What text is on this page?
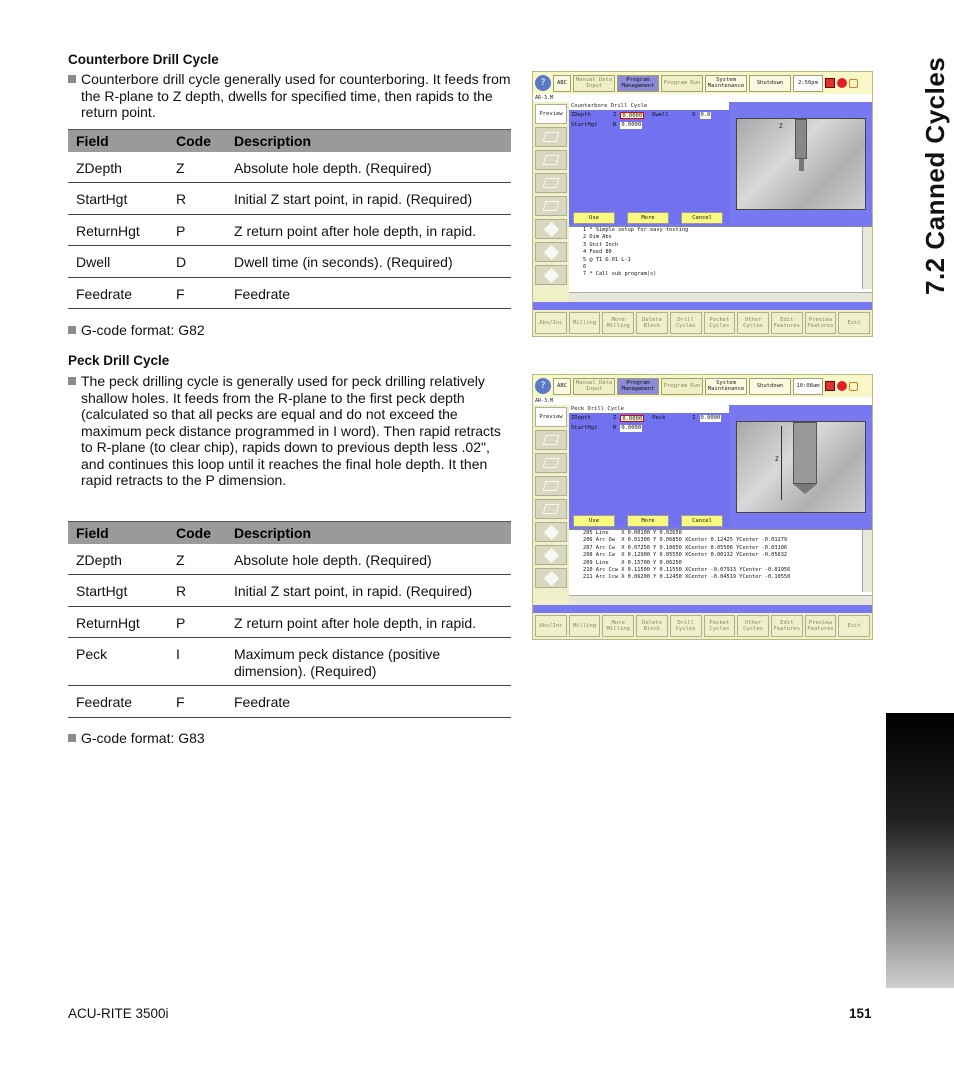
7.2 Canned Cycles
Counterbore Drill Cycle
Counterbore drill cycle generally used for counterboring. It feeds from the R-plane to Z depth, dwells for specified time, then rapids to the return point.
Field	Code	Description
ZDepth	Z	Absolute hole depth. (Required)
StartHgt	R	Initial Z start point, in rapid. (Required)
ReturnHgt	P	Z return point after hole depth, in rapid.
Dwell	D	Dwell time (in seconds). (Required)
Feedrate	F	Feedrate
G-code format: G82
Peck Drill Cycle
The peck drilling cycle is generally used for peck drilling relatively shallow holes. It feeds from the R-plane to the first peck depth (calculated so that all pecks are equal and do not exceed the maximum peck distance programmed in I word). Then rapid retracts to R-plane (to clear chip), rapids down to previous depth less .02", and continues this loop until it reaches the final hole depth. It then rapid retracts to the P dimension.
Field	Code	Description
ZDepth	Z	Absolute hole depth. (Required)
StartHgt	R	Initial Z start point, in rapid. (Required)
ReturnHgt	P	Z return point after hole depth, in rapid.
Peck	I	Maximum peck distance (positive dimension). (Required)
Feedrate	F	Feedrate
G-code format: G83
?	ABC	Manual Data Input
Program Management	Program Run	System Maintenance	Shutdown	2:56pm
AR-3.M
Preview
Counterbore Drill Cycle
ZDepth	Z	0.0000	Dwell	D 0.0
StartHgt	R 0.0000
Use	More	Cancel
Z
1 * Simple setup for easy testing
2 Dim Abs
3 Unit Inch
4 Feed 80
5 @ T1 D.01 L-1
6
7 * Call sub program(s)
Abs/Inc	Milling
More Milling
Delete Block
Drill Cycles
Pocket Cycles
Other Cycles
Edit Features
Preview Features
Exit
?	ABC	Manual Data Input
Program Management	Program Run	System Maintenance	Shutdown	10:08am
AR-3.M
Preview
Peck Drill Cycle
ZDepth	Z	0.0000	Peck	I 0.0000
StartHgt	R 0.0000
Use	More	Cancel
Z
205 Line    X 0.00100 Y 0.02650
206 Arc Ow  X 0.01300 Y 0.06850 XCenter 0.12425 YCenter -0.01279
207 Arc Cw  X 0.07250 Y 0.10050 XCenter 0.05506 YCenter -0.03106
208 Arc Cw  X 0.12900 Y 0.05550 XCenter 0.00132 YCenter -0.05632
209 Line    X 0.15700 Y 0.06250
210 Arc Ccw X 0.11500 Y 0.11550 XCenter -0.07913 YCenter -0.01956
211 Arc Ccw X 0.06200 Y 0.12450 XCenter -0.04519 YCenter -0.10550
Abs/Inc	Milling
More Milling
Delete Block
Drill Cycles
Pocket Cycles
Other Cycles
Edit Features
Preview Features
Exit
ACU-RITE 3500i	151
